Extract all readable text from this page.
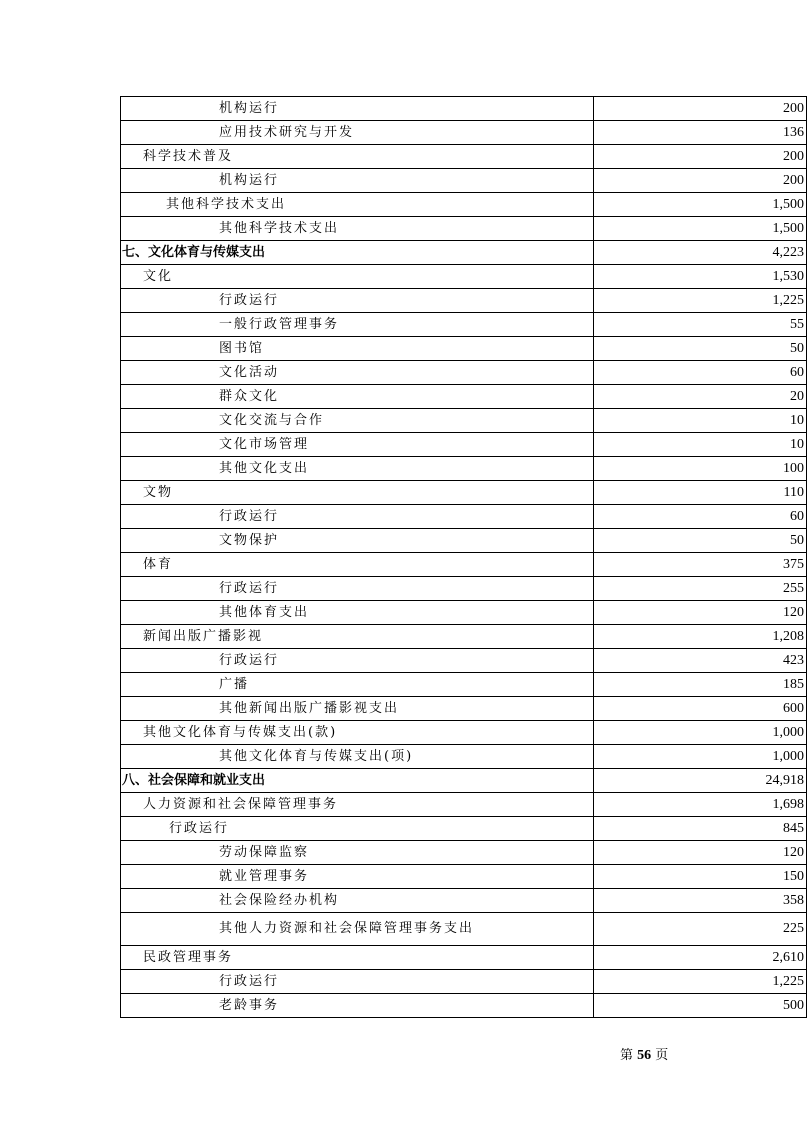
机构运行	200
应用技术研究与开发	136
科学技术普及	200
机构运行	200
其他科学技术支出	1,500
其他科学技术支出	1,500
七、文化体育与传媒支出	4,223
文化	1,530
行政运行	1,225
一般行政管理事务	55
图书馆	50
文化活动	60
群众文化	20
文化交流与合作	10
文化市场管理	10
其他文化支出	100
文物	110
行政运行	60
文物保护	50
体育	375
行政运行	255
其他体育支出	120
新闻出版广播影视	1,208
行政运行	423
广播	185
其他新闻出版广播影视支出	600
其他文化体育与传媒支出(款)	1,000
其他文化体育与传媒支出(项)	1,000
八、社会保障和就业支出	24,918
人力资源和社会保障管理事务	1,698
行政运行	845
劳动保障监察	120
就业管理事务	150
社会保险经办机构	358
其他人力资源和社会保障管理事务支出	225
民政管理事务	2,610
行政运行	1,225
老龄事务	500
第 56 页
